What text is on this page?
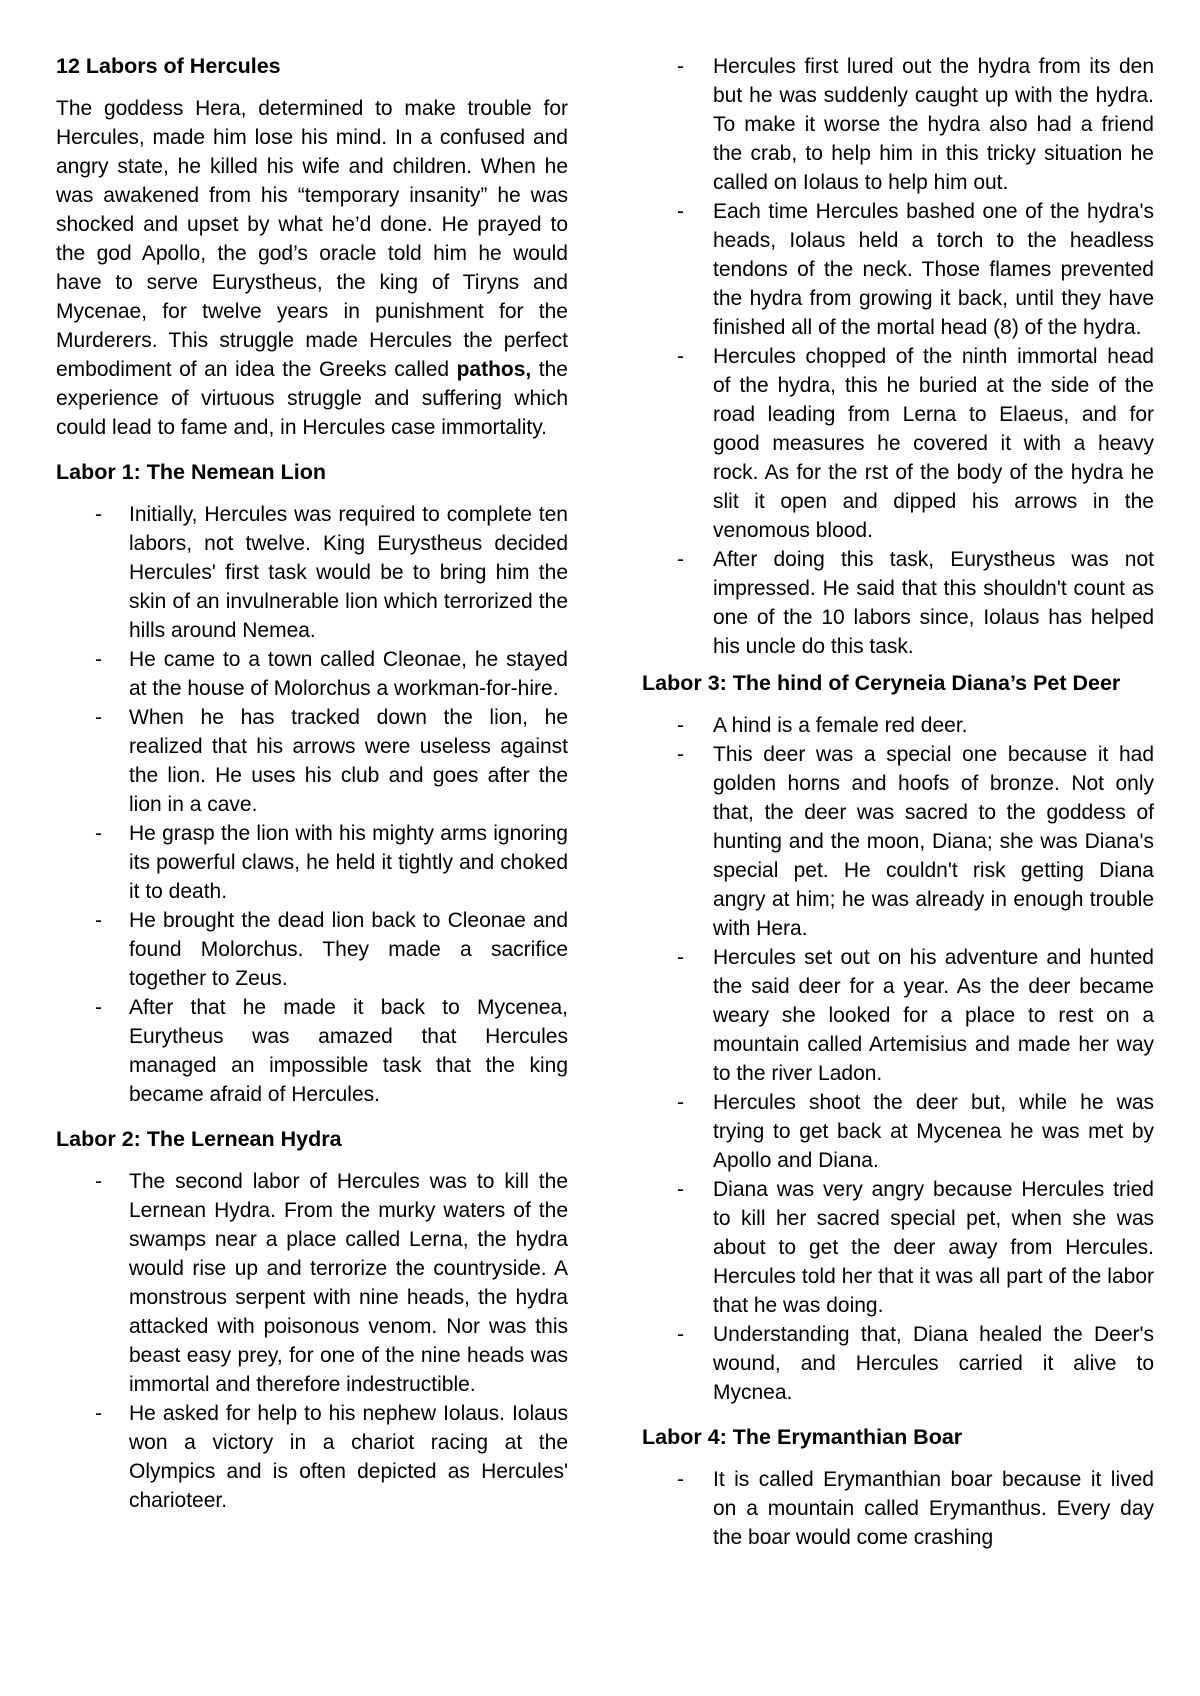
12 Labors of Hercules

The goddess Hera, determined to make trouble for Hercules, made him lose his mind. In a confused and angry state, he killed his wife and children. When he was awakened from his “temporary insanity” he was shocked and upset by what he’d done. He prayed to the god Apollo, the god’s oracle told him he would have to serve Eurystheus, the king of Tiryns and Mycenae, for twelve years in punishment for the Murderers. This struggle made Hercules the perfect embodiment of an idea the Greeks called pathos, the experience of virtuous struggle and suffering which could lead to fame and, in Hercules case immortality.

Labor 1: The Nemean Lion
- Initially, Hercules was required to complete ten labors, not twelve. King Eurystheus decided Hercules' first task would be to bring him the skin of an invulnerable lion which terrorized the hills around Nemea.
- He came to a town called Cleonae, he stayed at the house of Molorchus a workman-for-hire.
- When he has tracked down the lion, he realized that his arrows were useless against the lion. He uses his club and goes after the lion in a cave.
- He grasp the lion with his mighty arms ignoring its powerful claws, he held it tightly and choked it to death.
- He brought the dead lion back to Cleonae and found Molorchus. They made a sacrifice together to Zeus.
- After that he made it back to Mycenea, Eurytheus was amazed that Hercules managed an impossible task that the king became afraid of Hercules.
Labor 2: The Lernean Hydra
- The second labor of Hercules was to kill the Lernean Hydra. From the murky waters of the swamps near a place called Lerna, the hydra would rise up and terrorize the countryside. A monstrous serpent with nine heads, the hydra attacked with poisonous venom. Nor was this beast easy prey, for one of the nine heads was immortal and therefore indestructible.
- He asked for help to his nephew Iolaus. Iolaus won a victory in a chariot racing at the Olympics and is often depicted as Hercules' charioteer.
- Hercules first lured out the hydra from its den but he was suddenly caught up with the hydra. To make it worse the hydra also had a friend the crab, to help him in this tricky situation he called on Iolaus to help him out.
- Each time Hercules bashed one of the hydra's heads, Iolaus held a torch to the headless tendons of the neck. Those flames prevented the hydra from growing it back, until they have finished all of the mortal head (8) of the hydra.
- Hercules chopped of the ninth immortal head of the hydra, this he buried at the side of the road leading from Lerna to Elaeus, and for good measures he covered it with a heavy rock. As for the rst of the body of the hydra he slit it open and dipped his arrows in the venomous blood.
- After doing this task, Eurystheus was not impressed. He said that this shouldn't count as one of the 10 labors since, Iolaus has helped his uncle do this task.
Labor 3: The hind of Ceryneia Diana’s Pet Deer
- A hind is a female red deer.
- This deer was a special one because it had golden horns and hoofs of bronze. Not only that, the deer was sacred to the goddess of hunting and the moon, Diana; she was Diana's special pet. He couldn't risk getting Diana angry at him; he was already in enough trouble with Hera.
- Hercules set out on his adventure and hunted the said deer for a year. As the deer became weary she looked for a place to rest on a mountain called Artemisius and made her way to the river Ladon.
- Hercules shoot the deer but, while he was trying to get back at Mycenea he was met by Apollo and Diana.
- Diana was very angry because Hercules tried to kill her sacred special pet, when she was about to get the deer away from Hercules. Hercules told her that it was all part of the labor that he was doing.
- Understanding that, Diana healed the Deer's wound, and Hercules carried it alive to Mycnea.
Labor 4: The Erymanthian Boar
- It is called Erymanthian boar because it lived on a mountain called Erymanthus. Every day the boar would come crashing
